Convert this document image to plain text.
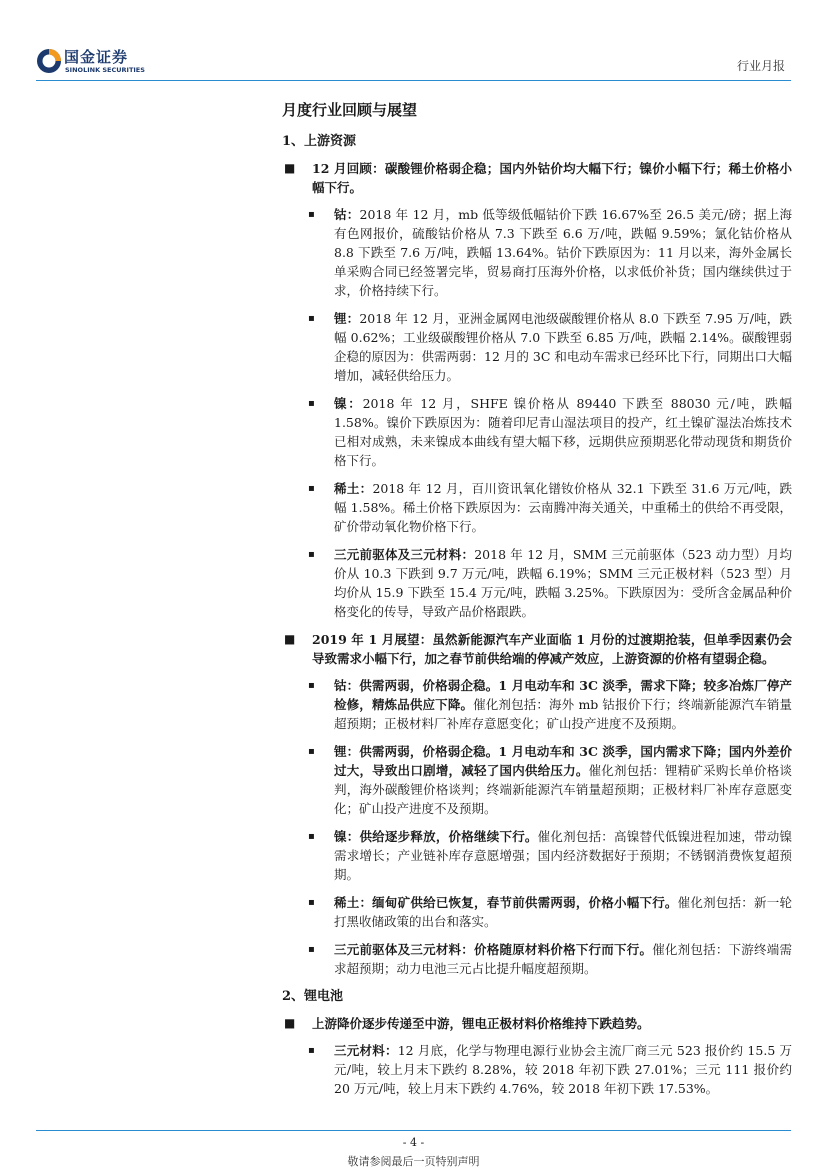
国金证券
SINOLINK SECURITIES	行业月报
月度行业回顾与展望
1、上游资源
■ 12 月回顾：碳酸锂价格弱企稳；国内外钴价均大幅下行；镍价小幅下行；稀土价格小幅下行。
▪ 钴：2018 年 12 月，mb 低等级低幅钴价下跌 16.67%至 26.5 美元/磅；据上海有色网报价，硫酸钴价格从 7.3 下跌至 6.6 万/吨，跌幅 9.59%；氯化钴价格从 8.8 下跌至 7.6 万/吨，跌幅 13.64%。钴价下跌原因为：11 月以来，海外金属长单采购合同已经签署完毕，贸易商打压海外价格，以求低价补货；国内继续供过于求，价格持续下行。
▪ 锂：2018 年 12 月，亚洲金属网电池级碳酸锂价格从 8.0 下跌至 7.95 万/吨，跌幅 0.62%；工业级碳酸锂价格从 7.0 下跌至 6.85 万/吨，跌幅 2.14%。碳酸锂弱企稳的原因为：供需两弱：12 月的 3C 和电动车需求已经环比下行，同期出口大幅增加，减轻供给压力。
▪ 镍：2018 年 12 月，SHFE 镍价格从 89440 下跌至 88030 元/吨，跌幅 1.58%。镍价下跌原因为：随着印尼青山湿法项目的投产，红土镍矿湿法冶炼技术已相对成熟，未来镍成本曲线有望大幅下移，远期供应预期恶化带动现货和期货价格下行。
▪ 稀土：2018 年 12 月，百川资讯氧化镨钕价格从 32.1 下跌至 31.6 万元/吨，跌幅 1.58%。稀土价格下跌原因为：云南腾冲海关通关，中重稀土的供给不再受限，矿价带动氧化物价格下行。
▪ 三元前驱体及三元材料：2018 年 12 月，SMM 三元前驱体（523 动力型）月均价从 10.3 下跌到 9.7 万元/吨，跌幅 6.19%；SMM 三元正极材料（523 型）月均价从 15.9 下跌至 15.4 万元/吨，跌幅 3.25%。下跌原因为：受所含金属品种价格变化的传导，导致产品价格跟跌。
■ 2019 年 1 月展望：虽然新能源汽车产业面临 1 月份的过渡期抢装，但单季因素仍会导致需求小幅下行，加之春节前供给端的停减产效应，上游资源的价格有望弱企稳。
▪ 钴：供需两弱，价格弱企稳。1 月电动车和 3C 淡季，需求下降；较多冶炼厂停产检修，精炼品供应下降。催化剂包括：海外 mb 钴报价下行；终端新能源汽车销量超预期；正极材料厂补库存意愿变化；矿山投产进度不及预期。
▪ 锂：供需两弱，价格弱企稳。1 月电动车和 3C 淡季，国内需求下降；国内外差价过大，导致出口剧增，减轻了国内供给压力。催化剂包括：锂精矿采购长单价格谈判，海外碳酸锂价格谈判；终端新能源汽车销量超预期；正极材料厂补库存意愿变化；矿山投产进度不及预期。
▪ 镍：供给逐步释放，价格继续下行。催化剂包括：高镍替代低镍进程加速，带动镍需求增长；产业链补库存意愿增强；国内经济数据好于预期；不锈钢消费恢复超预期。
▪ 稀土：缅甸矿供给已恢复，春节前供需两弱，价格小幅下行。催化剂包括：新一轮打黑收储政策的出台和落实。
▪ 三元前驱体及三元材料：价格随原材料价格下行而下行。催化剂包括：下游终端需求超预期；动力电池三元占比提升幅度超预期。
2、锂电池
■ 上游降价逐步传递至中游，锂电正极材料价格维持下跌趋势。
▪ 三元材料：12 月底，化学与物理电源行业协会主流厂商三元 523 报价约 15.5 万元/吨，较上月末下跌约 8.28%，较 2018 年初下跌 27.01%；三元 111 报价约 20 万元/吨，较上月末下跌约 4.76%，较 2018 年初下跌 17.53%。
- 4 -
敬请参阅最后一页特别声明
